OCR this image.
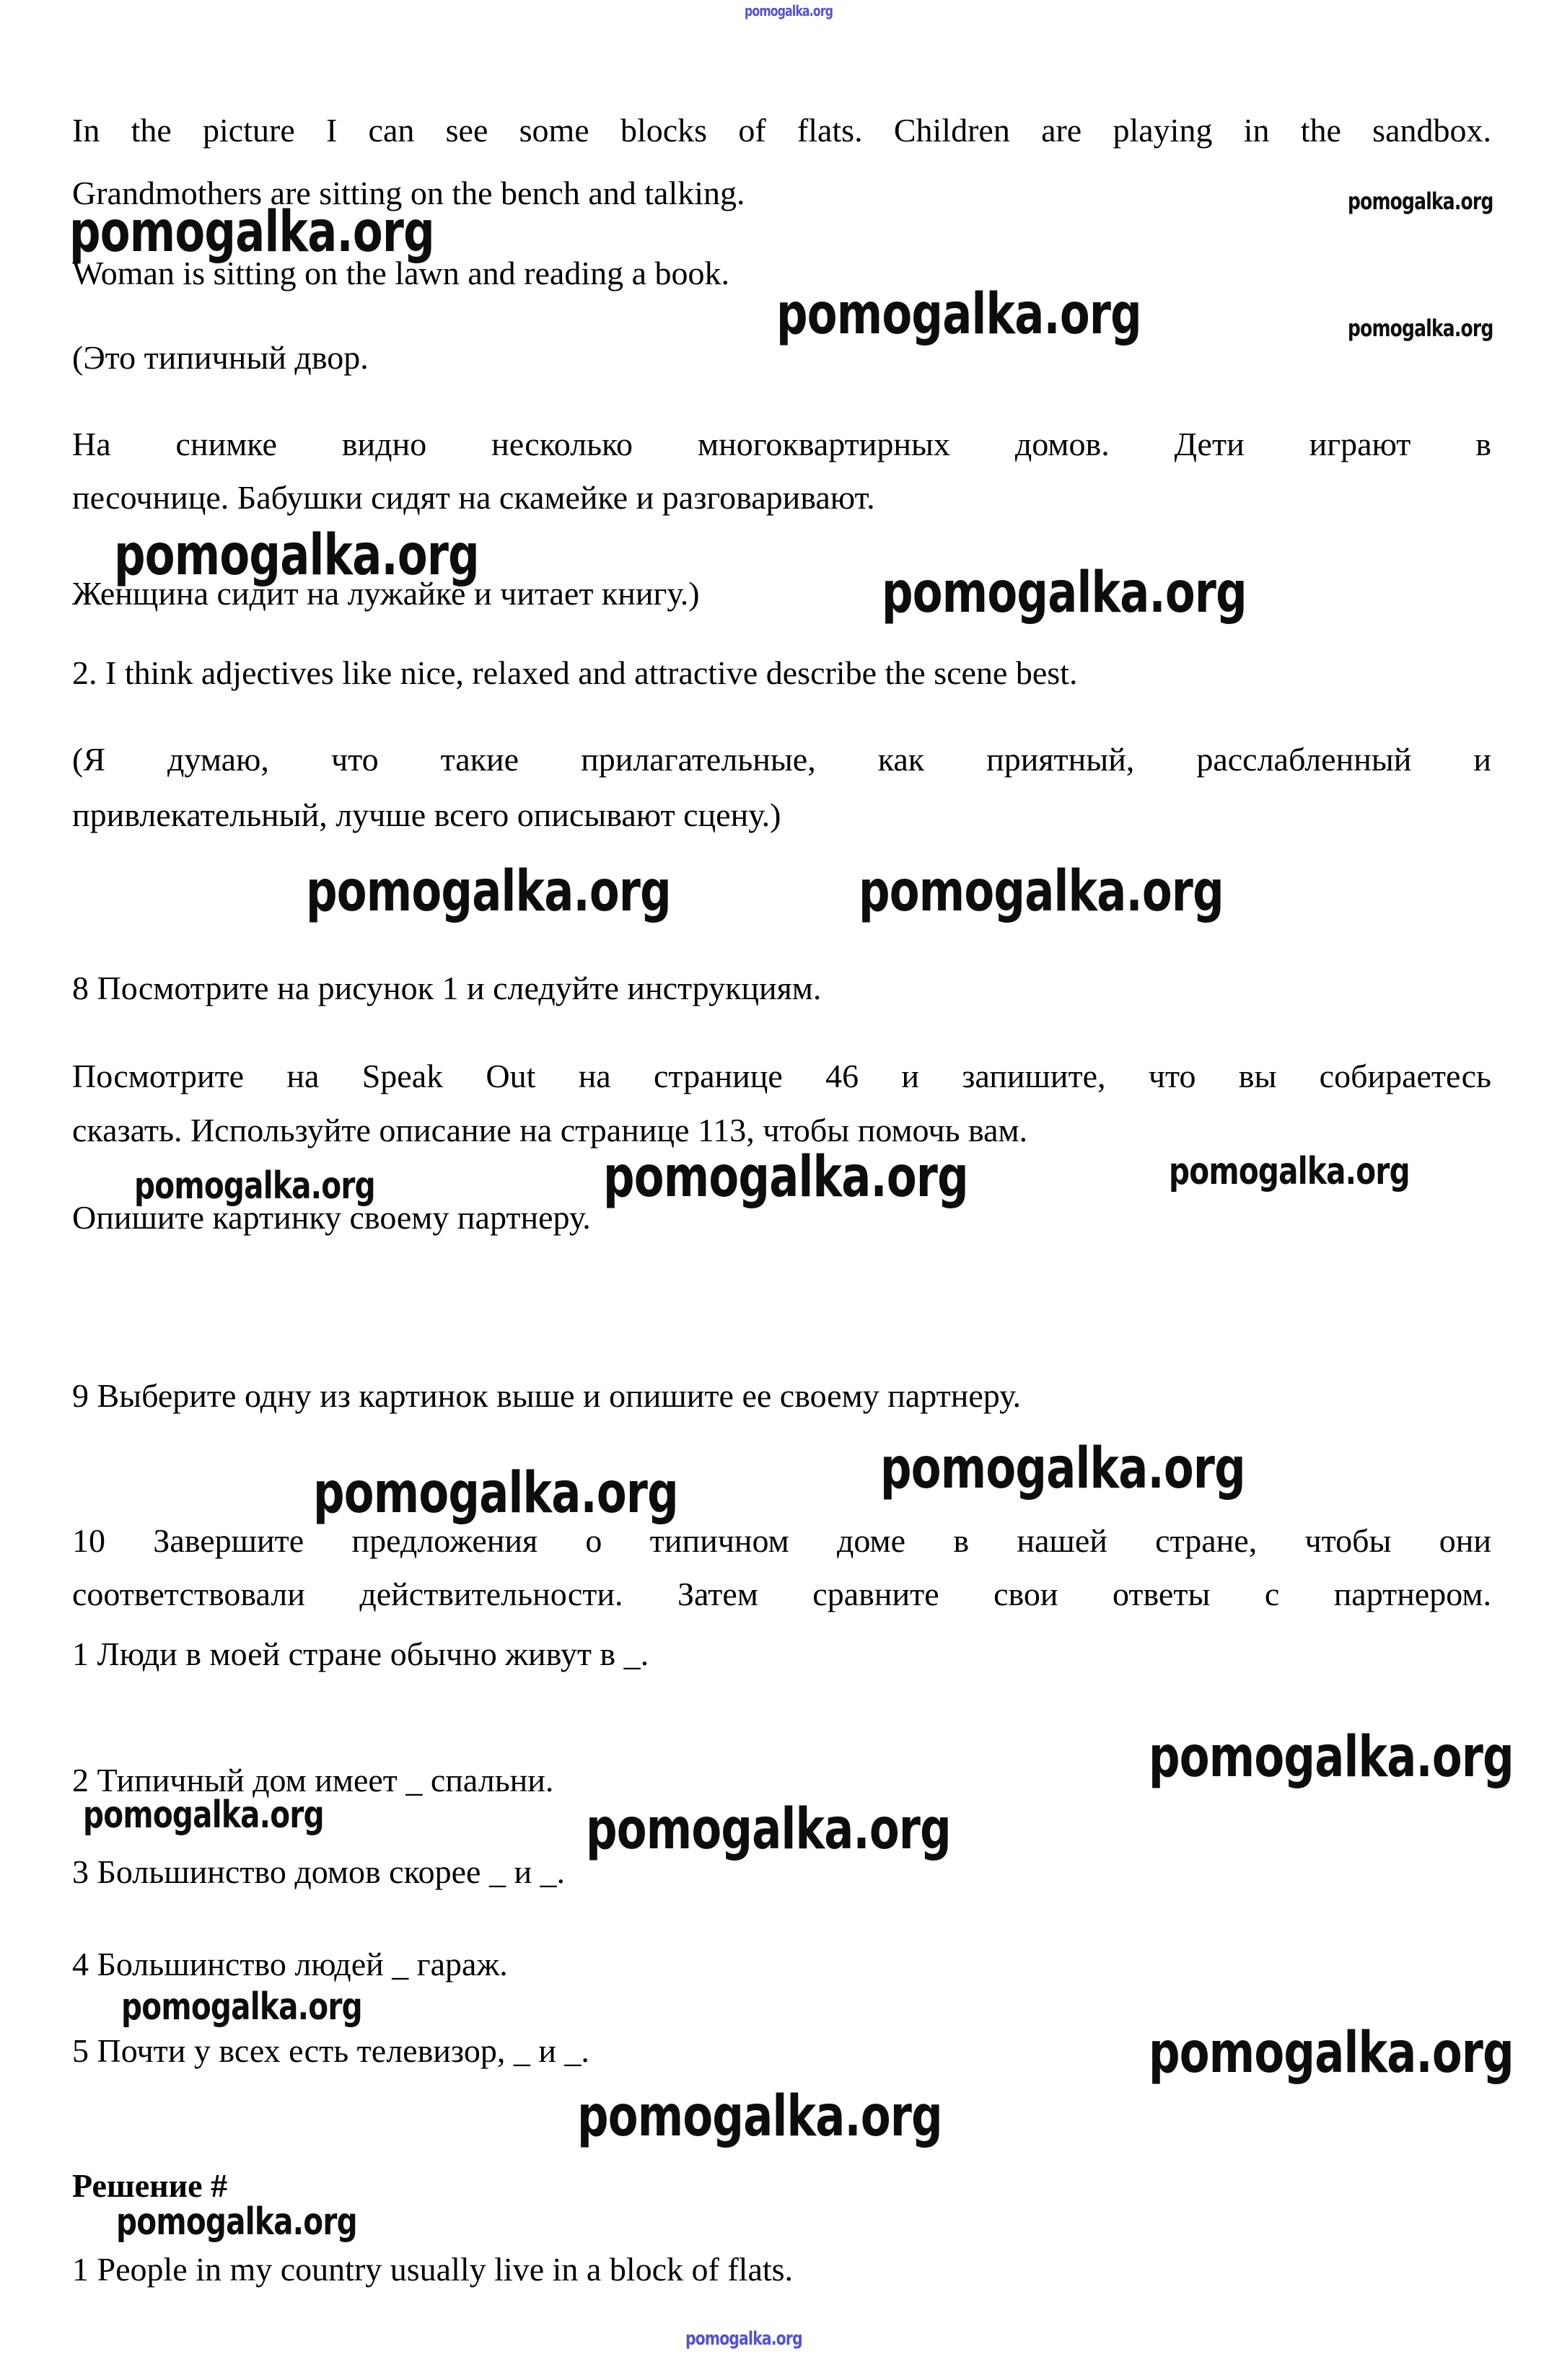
pomogalka.org
pomogalka.org
In the picture I can see some blocks of flats. Children are playing in the sandbox.
Grandmothers are sitting on the bench and talking.
Woman is sitting on the lawn and reading a book.
(Это типичный двор.
На снимке видно несколько многоквартирных домов. Дети играют в
песочнице. Бабушки сидят на скамейке и разговаривают.
Женщина сидит на лужайке и читает книгу.)
2. I think adjectives like nice, relaxed and attractive describe the scene best.
(Я думаю, что такие прилагательные, как приятный, расслабленный и
привлекательный, лучше всего описывают сцену.)
8 Посмотрите на рисунок 1 и следуйте инструкциям.
Посмотрите на Speak Out на странице 46 и запишите, что вы собираетесь
сказать. Используйте описание на странице 113, чтобы помочь вам.
Опишите картинку своему партнеру.
9 Выберите одну из картинок выше и опишите ее своему партнеру.
10 Завершите предложения о типичном доме в нашей стране, чтобы они
соответствовали действительности. Затем сравните свои ответы с партнером.
1 Люди в моей стране обычно живут в _.
2 Типичный дом имеет _ спальни.
3 Большинство домов скорее _ и _.
4 Большинство людей _ гараж.
5 Почти у всех есть телевизор, _ и _.
Решение #
1 People in my country usually live in a block of flats.
pomogalka.org	pomogalka.org
pomogalka.org	pomogalka.org
pomogalka.org
pomogalka.org
pomogalka.org	pomogalka.org
pomogalka.org	pomogalka.org	pomogalka.org
pomogalka.org
pomogalka.org
pomogalka.org
pomogalka.org	pomogalka.org
pomogalka.org
pomogalka.org
pomogalka.org
pomogalka.org
